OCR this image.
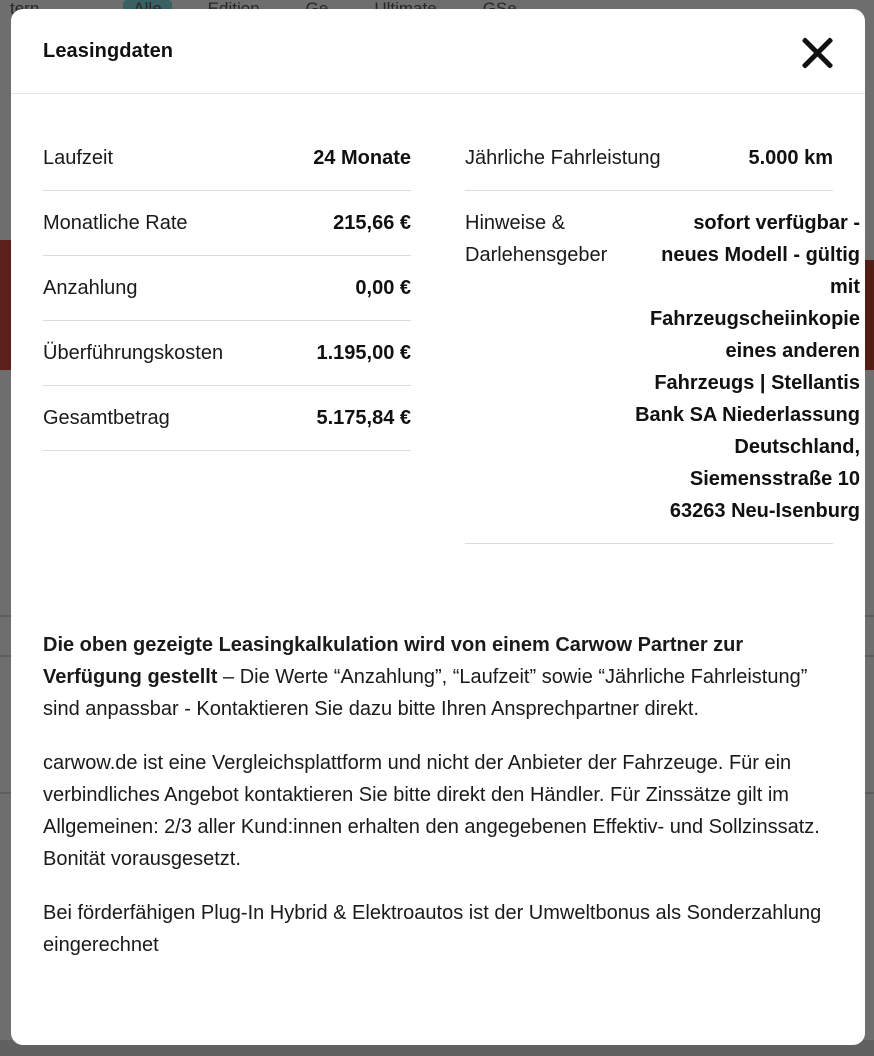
Leasingdaten
Laufzeit	24 Monate
Monatliche Rate	215,66 €
Anzahlung	0,00 €
Überführungskosten	1.195,00 €
Gesamtbetrag	5.175,84 €
Jährliche Fahrleistung	5.000 km
Hinweise & Darlehensgeber
sofort verfügbar - neues Modell - gültig mit Fahrzeugscheiinkopie eines anderen Fahrzeugs | Stellantis Bank SA Niederlassung Deutschland, Siemensstraße 10 63263 Neu-Isenburg

Die oben gezeigte Leasingkalkulation wird von einem Carwow Partner zur Verfügung gestellt – Die Werte “Anzahlung”, “Laufzeit” sowie “Jährliche Fahrleistung” sind anpassbar - Kontaktieren Sie dazu bitte Ihren Ansprechpartner direkt.

carwow.de ist eine Vergleichsplattform und nicht der Anbieter der Fahrzeuge. Für ein verbindliches Angebot kontaktieren Sie bitte direkt den Händler. Für Zinssätze gilt im Allgemeinen: 2/3 aller Kund:innen erhalten den angegebenen Effektiv- und Sollzinssatz. Bonität vorausgesetzt.

Bei förderfähigen Plug-In Hybrid & Elektroautos ist der Umweltbonus als Sonderzahlung eingerechnet
